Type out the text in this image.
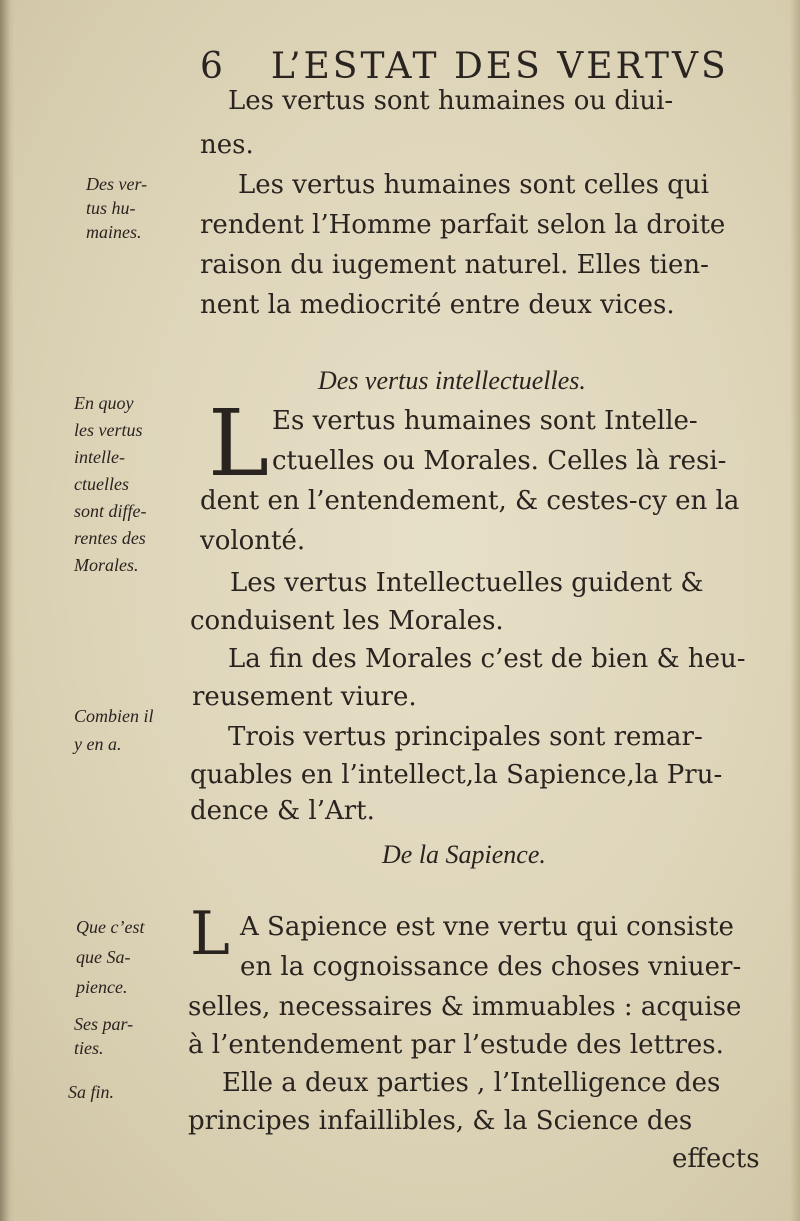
6 L’ESTAT DES VERTVS
Des ver-
tus hu-
maines.
En quoy
les vertus
intelle-
ctuelles
sont diffe-
rentes des
Morales.
Combien il
y en a.
Que c’est
que Sa-
pience.
Ses par-
ties.
Sa fin.
Les vertus sont humaines ou diui-
nes.
Les vertus humaines sont celles qui
rendent l’Homme parfait selon la droite
raison du iugement naturel. Elles tien-
nent la mediocrité entre deux vices.
Des vertus intellectuelles.
L Es vertus humaines sont Intelle-
ctuelles ou Morales. Celles là resi-
dent en l’entendement, & cestes-cy en la
volonté.
Les vertus Intellectuelles guident &
conduisent les Morales.
La fin des Morales c’est de bien & heu-
reusement viure.
Trois vertus principales sont remar-
quables en l’intellect,la Sapience,la Pru-
dence & l’Art.
De la Sapience.
L A Sapience est vne vertu qui consiste
en la cognoissance des choses vniuer-
selles, necessaires & immuables : acquise
à l’entendement par l’estude des lettres.
Elle a deux parties , l’Intelligence des
principes infaillibles, & la Science des
effects
